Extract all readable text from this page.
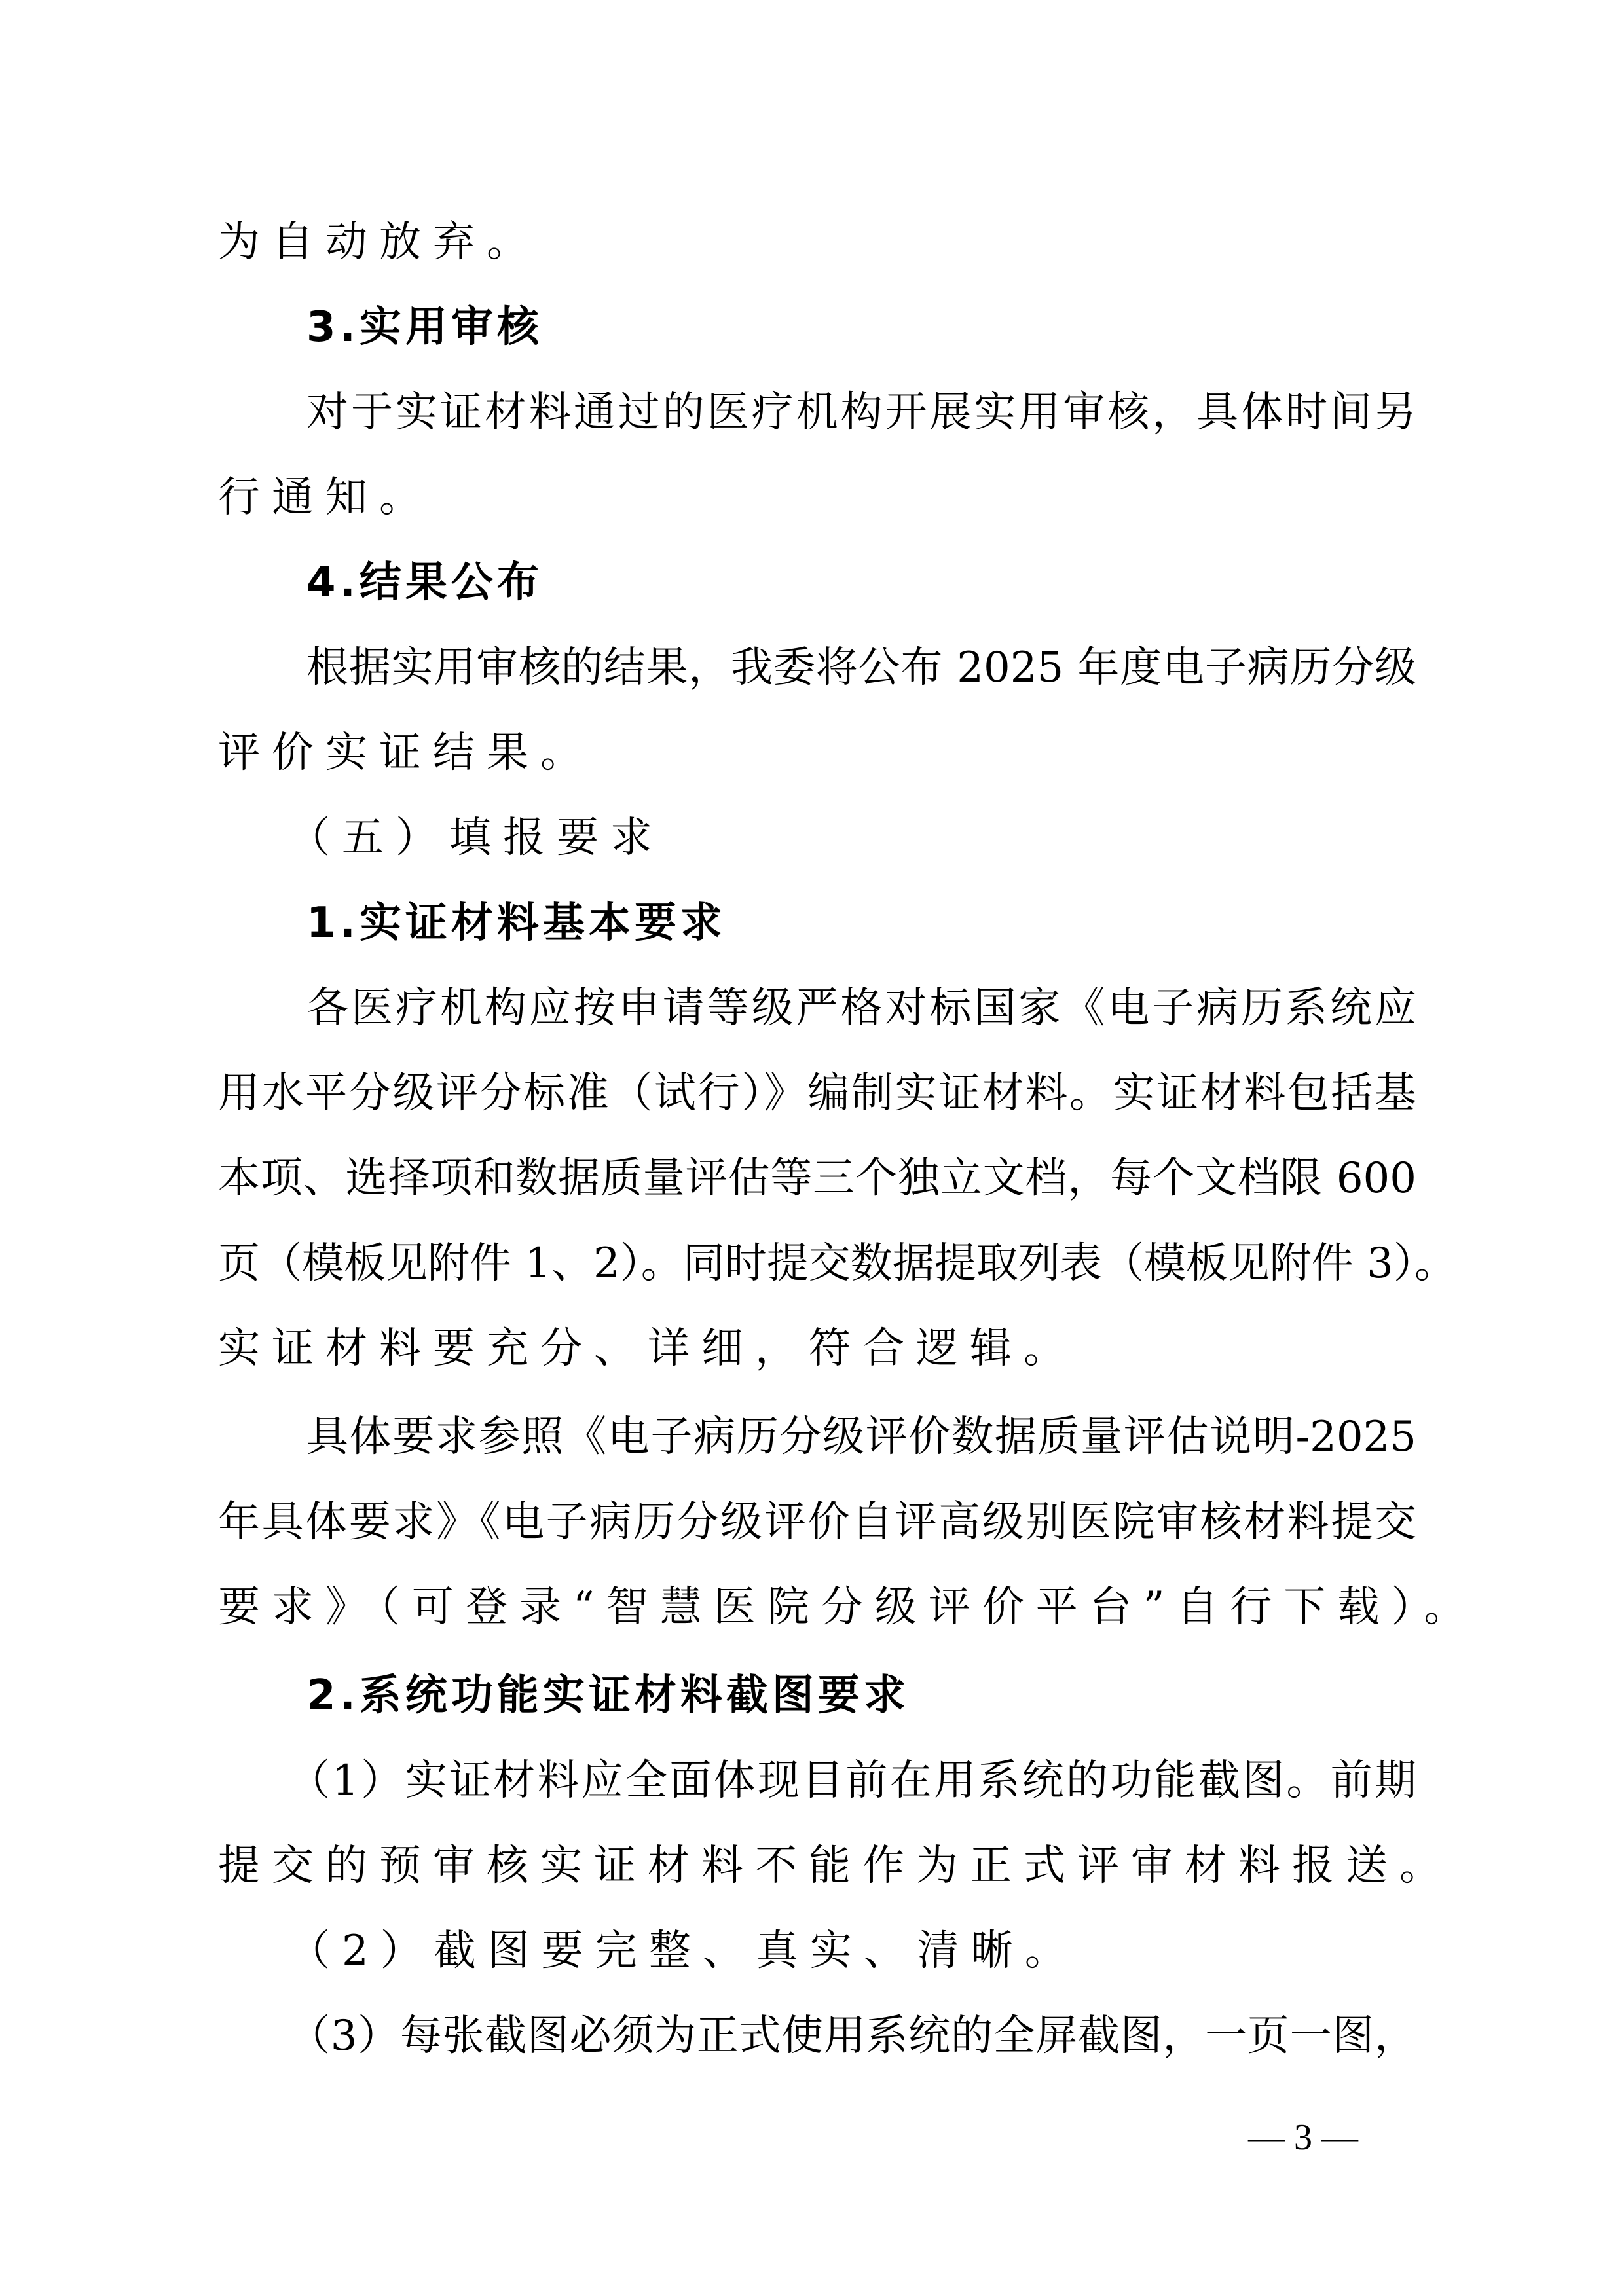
为自动放弃。
3.实用审核
对于实证材料通过的医疗机构开展实用审核，具体时间另
行通知。
4.结果公布
根据实用审核的结果，我委将公布 2025 年度电子病历分级
评价实证结果。
（五）填报要求
1.实证材料基本要求
各医疗机构应按申请等级严格对标国家《电子病历系统应
用水平分级评分标准（试行）》编制实证材料。实证材料包括基
本项、选择项和数据质量评估等三个独立文档，每个文档限 600
页（模板见附件 1、2）。同时提交数据提取列表（模板见附件 3）。
实证材料要充分、详细，符合逻辑。
具体要求参照《电子病历分级评价数据质量评估说明-2025
年具体要求》《电子病历分级评价自评高级别医院审核材料提交
要求》（可登录“智慧医院分级评价平台”自行下载）。
2.系统功能实证材料截图要求
（1）实证材料应全面体现目前在用系统的功能截图。前期
提交的预审核实证材料不能作为正式评审材料报送。
（2）截图要完整、真实、清晰。
（3）每张截图必须为正式使用系统的全屏截图，一页一图，
— 3 —
